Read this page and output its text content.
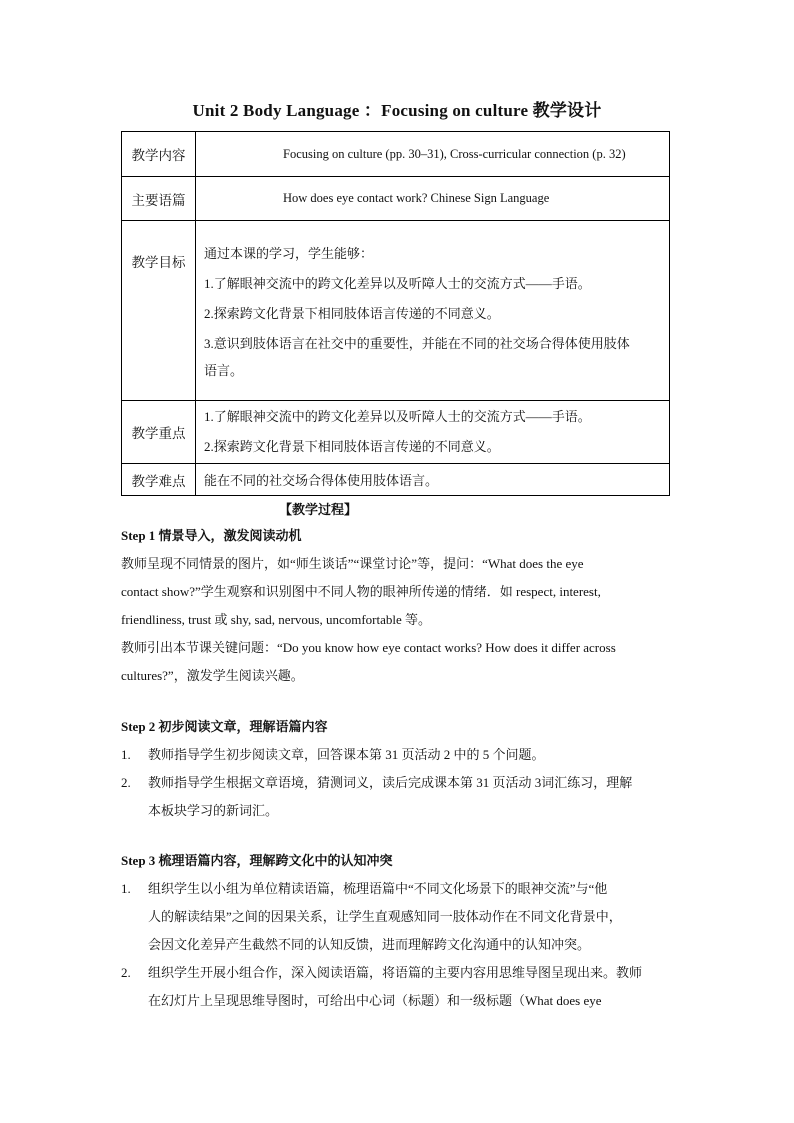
Unit 2 Body Language ：Focusing on culture 教学设计
教学内容	Focusing on culture (pp. 30–31), Cross-curricular connection (p. 32)
主要语篇	How does eye contact work? Chinese Sign Language
教学目标	通过本课的学习，学生能够：
1.了解眼神交流中的跨文化差异以及听障人士的交流方式——手语。
2.探索跨文化背景下相同肢体语言传递的不同意义。
3.意识到肢体语言在社交中的重要性，并能在不同的社交场合得体使用肢体
语言。

教学重点	1.了解眼神交流中的跨文化差异以及听障人士的交流方式——手语。
2.探索跨文化背景下相同肢体语言传递的不同意义。

教学难点	能在不同的社交场合得体使用肢体语言。
【教学过程】

Step 1 情景导入，激发阅读动机

教师呈现不同情景的图片，如“师生谈话”“课堂讨论”等，提问：“What does the eye

contact show?”学生观察和识别图中不同人物的眼神所传递的情绪．如 respect, interest,

friendliness, trust 或 shy, sad, nervous, uncomfortable 等。

教师引出本节课关键问题：“Do you know how eye contact works? How does it differ across

cultures?”，激发学生阅读兴趣。

Step 2 初步阅读文章，理解语篇内容

1. 教师指导学生初步阅读文章，回答课本第 31 页活动 2 中的 5 个问题。
2. 教师指导学生根据文章语境，猜测词义，读后完成课本第 31 页活动 3词汇练习，理解
本板块学习的新词汇。

Step 3 梳理语篇内容，理解跨文化中的认知冲突

1. 组织学生以小组为单位精读语篇，梳理语篇中“不同文化场景下的眼神交流”与“他
人的解读结果”之间的因果关系，让学生直观感知同一肢体动作在不同文化背景中，
会因文化差异产生截然不同的认知反馈，进而理解跨文化沟通中的认知冲突。
2. 组织学生开展小组合作，深入阅读语篇，将语篇的主要内容用思维导图呈现出来。教师
在幻灯片上呈现思维导图时，可给出中心词（标题）和一级标题（What does eye
